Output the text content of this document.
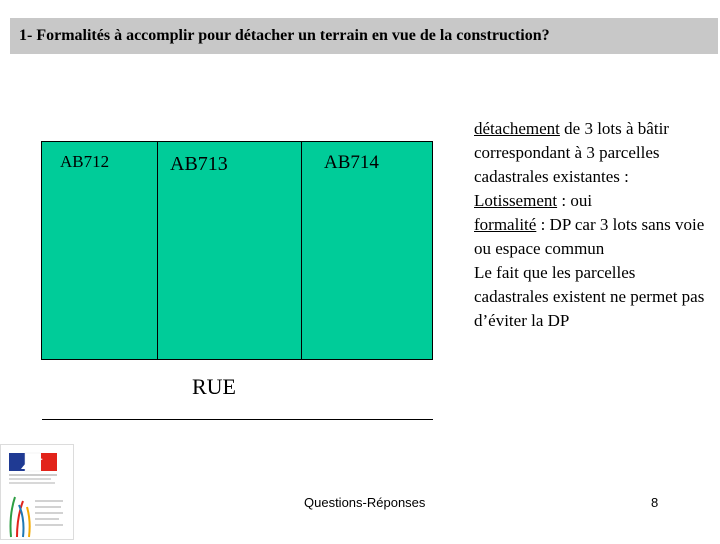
1- Formalités à accomplir pour détacher un terrain en vue de la construction?
AB712	AB713	AB714
RUE
détachement de 3 lots à bâtir correspondant à 3 parcelles cadastrales existantes :
Lotissement : oui
formalité : DP car 3 lots sans voie ou espace commun
Le fait que les parcelles cadastrales existent ne permet pas d’éviter la DP
Questions-Réponses	8
